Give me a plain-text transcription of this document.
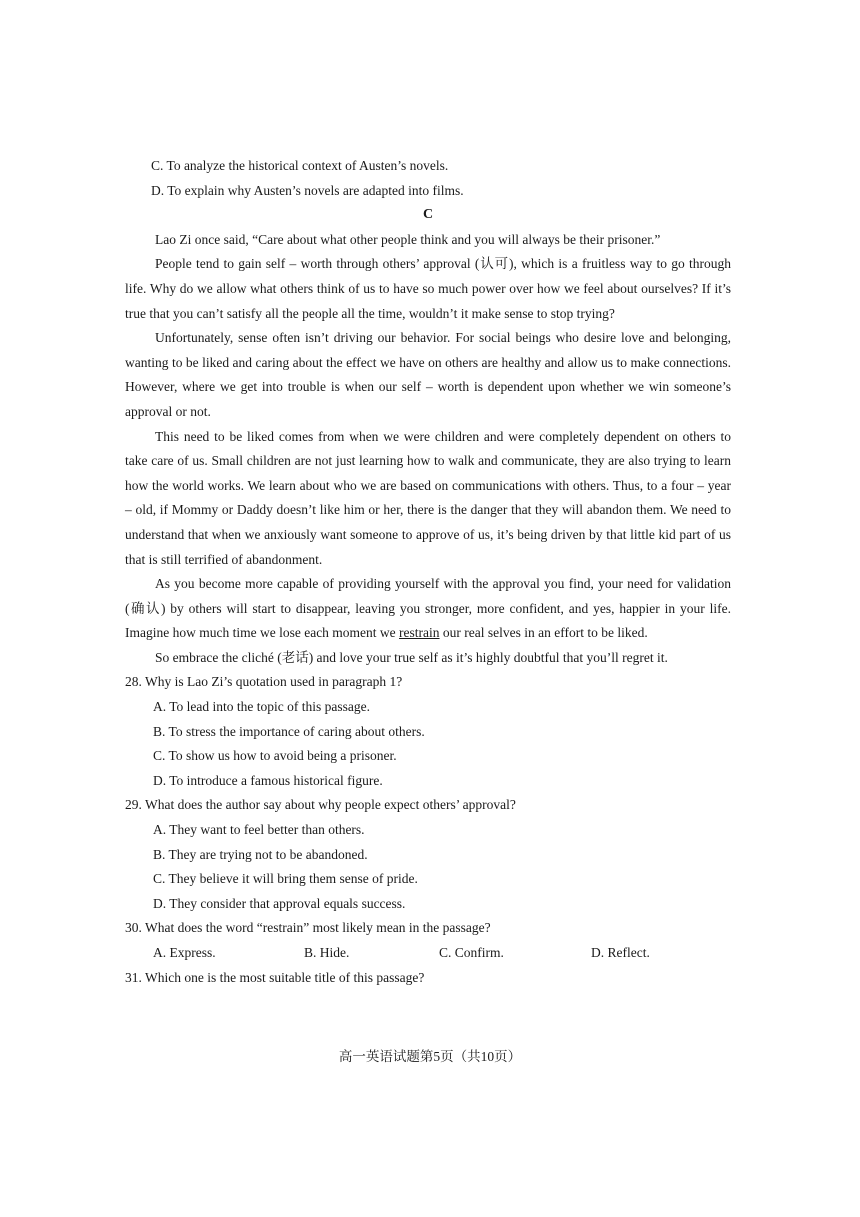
C. To analyze the historical context of Austen’s novels.
D. To explain why Austen’s novels are adapted into films.
C

Lao Zi once said, “Care about what other people think and you will always be their prisoner.”

People tend to gain self – worth through others’ approval (认可), which is a fruitless way to go through life. Why do we allow what others think of us to have so much power over how we feel about ourselves? If it’s true that you can’t satisfy all the people all the time, wouldn’t it make sense to stop trying?

Unfortunately, sense often isn’t driving our behavior. For social beings who desire love and belonging, wanting to be liked and caring about the effect we have on others are healthy and allow us to make connections. However, where we get into trouble is when our self – worth is dependent upon whether we win someone’s approval or not.

This need to be liked comes from when we were children and were completely dependent on others to take care of us. Small children are not just learning how to walk and communicate, they are also trying to learn how the world works. We learn about who we are based on communications with others. Thus, to a four – year – old, if Mommy or Daddy doesn’t like him or her, there is the danger that they will abandon them. We need to understand that when we anxiously want someone to approve of us, it’s being driven by that little kid part of us that is still terrified of abandonment.

As you become more capable of providing yourself with the approval you find, your need for validation (确认) by others will start to disappear, leaving you stronger, more confident, and yes, happier in your life. Imagine how much time we lose each moment we restrain our real selves in an effort to be liked.

So embrace the cliché (老话) and love your true self as it’s highly doubtful that you’ll regret it.

28. Why is Lao Zi’s quotation used in paragraph 1?
A. To lead into the topic of this passage.
B. To stress the importance of caring about others.
C. To show us how to avoid being a prisoner.
D. To introduce a famous historical figure.
29. What does the author say about why people expect others’ approval?
A. They want to feel better than others.
B. They are trying not to be abandoned.
C. They believe it will bring them sense of pride.
D. They consider that approval equals success.
30. What does the word “restrain” most likely mean in the passage?
A. Express.	B. Hide.	C. Confirm.	D. Reflect.
31. Which one is the most suitable title of this passage?
高一英语试题第5页（共10页）
